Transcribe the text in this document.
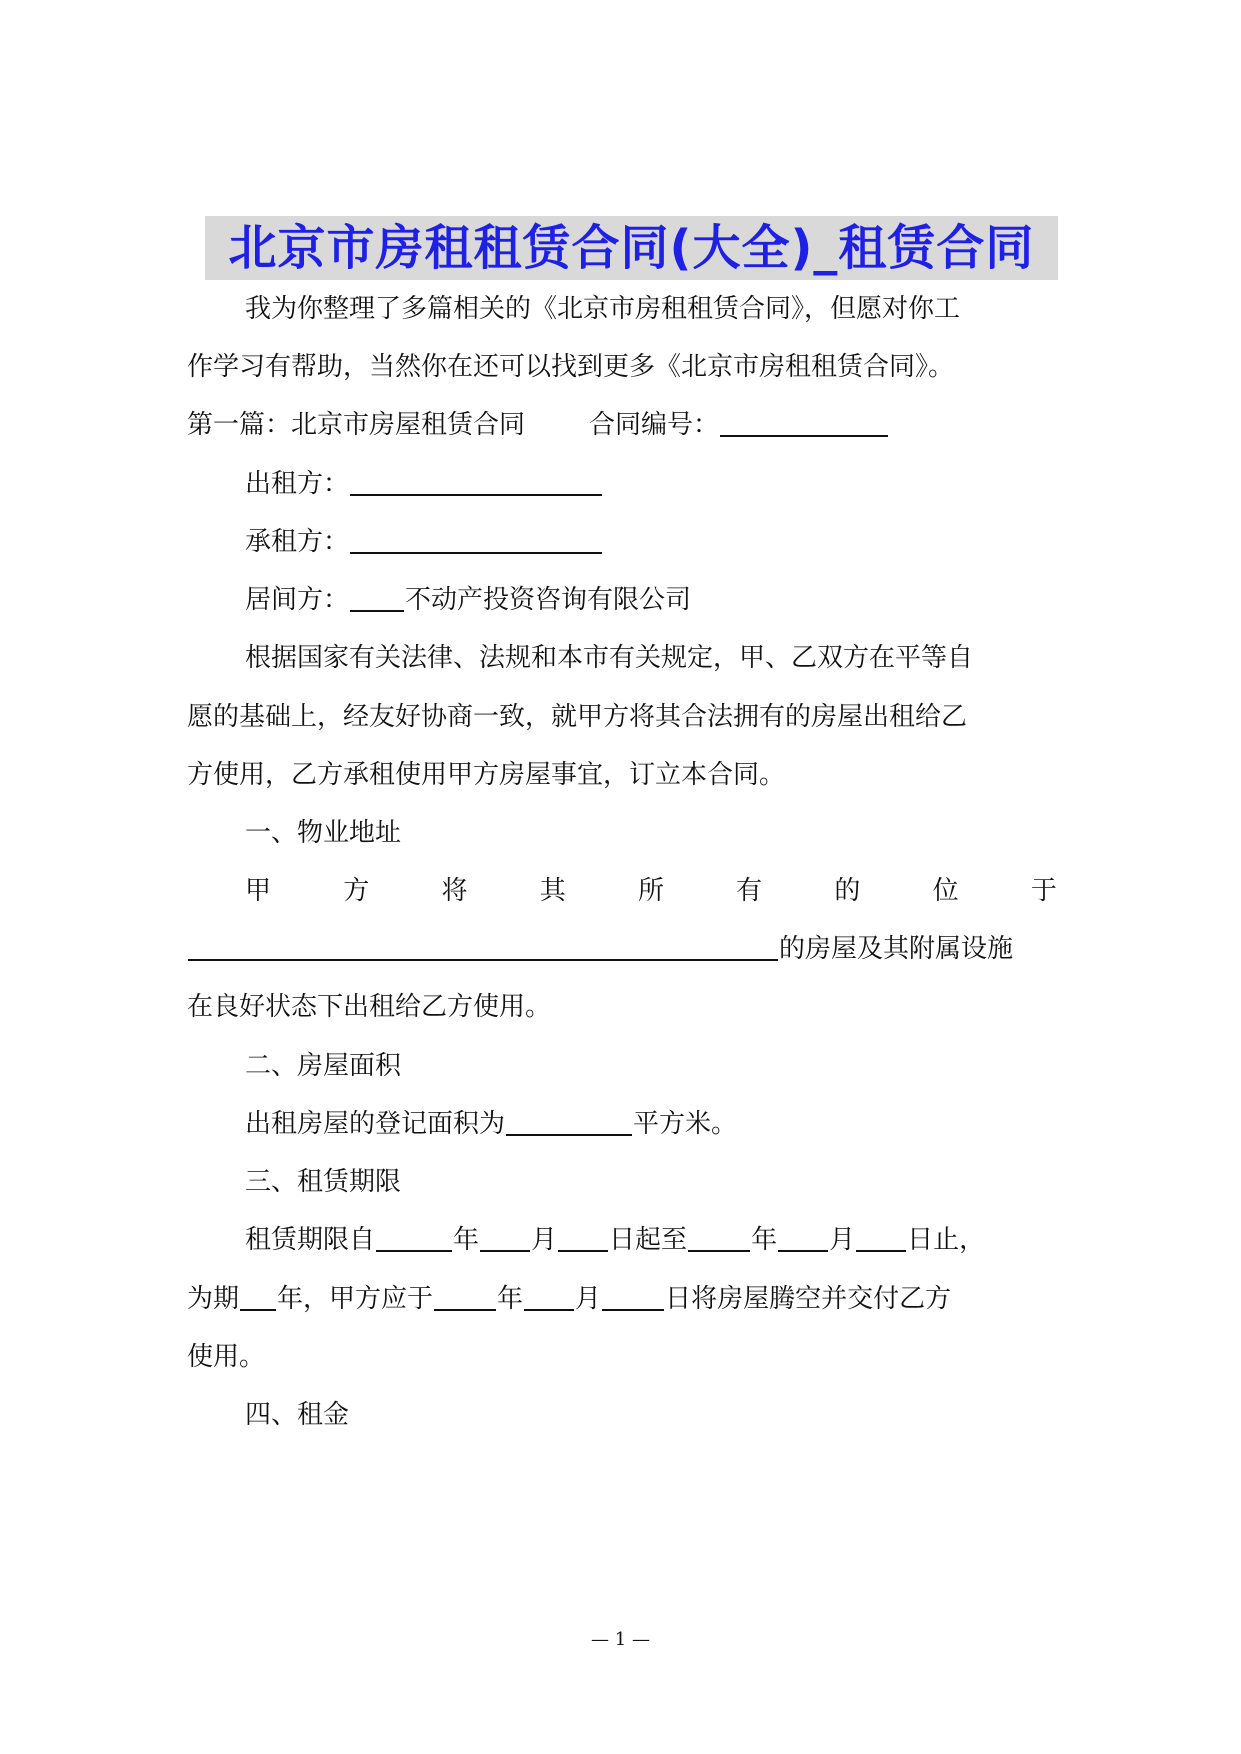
北京市房租租赁合同(大全)_租赁合同
我为你整理了多篇相关的《北京市房租租赁合同》，但愿对你工
作学习有帮助，当然你在还可以找到更多《北京市房租租赁合同》。
第一篇：北京市房屋租赁合同 合同编号：
出租方：
承租方：
居间方： 不动产投资咨询有限公司
根据国家有关法律、法规和本市有关规定，甲、乙双方在平等自
愿的基础上，经友好协商一致，就甲方将其合法拥有的房屋出租给乙
方使用，乙方承租使用甲方房屋事宜，订立本合同。
一、物业地址
甲	方	将	其	所	有	的	位	于
的房屋及其附属设施
在良好状态下出租给乙方使用。
二、房屋面积
出租房屋的登记面积为	平方米。
三、租赁期限
租赁期限自	年 月 日起至 年 月 日止，
为期 年，甲方应于 年 月 日将房屋腾空并交付乙方
使用。
四、租金
— 1 —
